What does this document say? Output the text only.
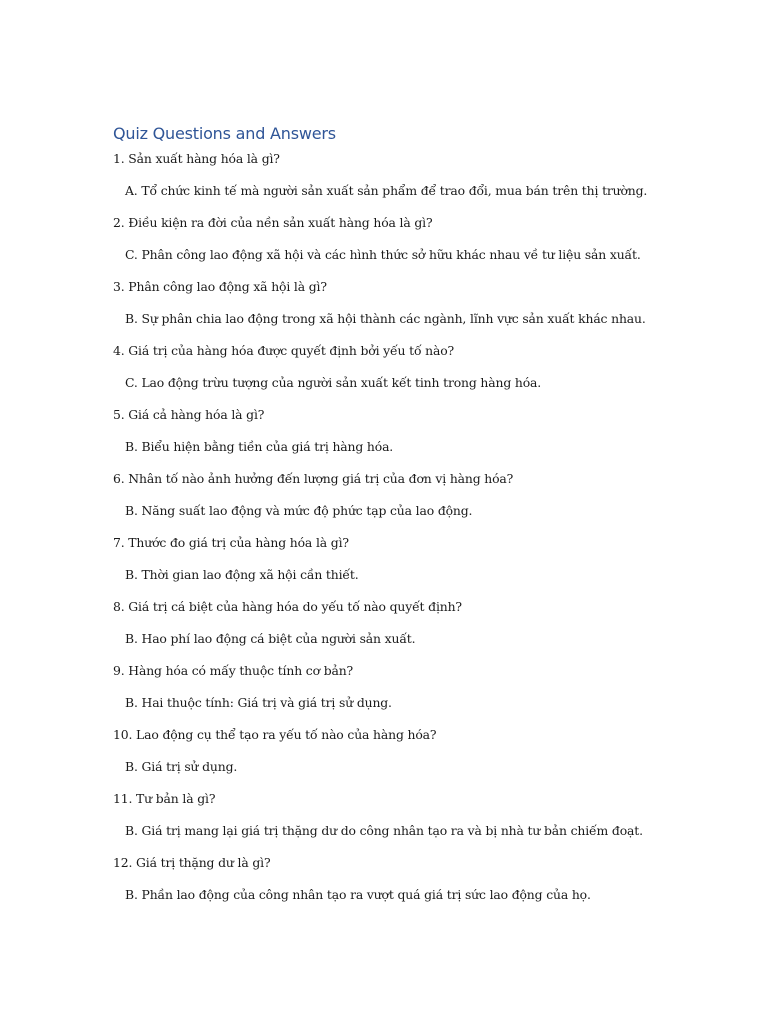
Quiz Questions and Answers

1. Sản xuất hàng hóa là gì?

A. Tổ chức kinh tế mà người sản xuất sản phẩm để trao đổi, mua bán trên thị trường.

2. Điều kiện ra đời của nền sản xuất hàng hóa là gì?

C. Phân công lao động xã hội và các hình thức sở hữu khác nhau về tư liệu sản xuất.

3. Phân công lao động xã hội là gì?

B. Sự phân chia lao động trong xã hội thành các ngành, lĩnh vực sản xuất khác nhau.

4. Giá trị của hàng hóa được quyết định bởi yếu tố nào?

C. Lao động trừu tượng của người sản xuất kết tinh trong hàng hóa.

5. Giá cả hàng hóa là gì?

B. Biểu hiện bằng tiền của giá trị hàng hóa.

6. Nhân tố nào ảnh hưởng đến lượng giá trị của đơn vị hàng hóa?

B. Năng suất lao động và mức độ phức tạp của lao động.

7. Thước đo giá trị của hàng hóa là gì?

B. Thời gian lao động xã hội cần thiết.

8. Giá trị cá biệt của hàng hóa do yếu tố nào quyết định?

B. Hao phí lao động cá biệt của người sản xuất.

9. Hàng hóa có mấy thuộc tính cơ bản?

B. Hai thuộc tính: Giá trị và giá trị sử dụng.

10. Lao động cụ thể tạo ra yếu tố nào của hàng hóa?

B. Giá trị sử dụng.

11. Tư bản là gì?

B. Giá trị mang lại giá trị thặng dư do công nhân tạo ra và bị nhà tư bản chiếm đoạt.

12. Giá trị thặng dư là gì?

B. Phần lao động của công nhân tạo ra vượt quá giá trị sức lao động của họ.
